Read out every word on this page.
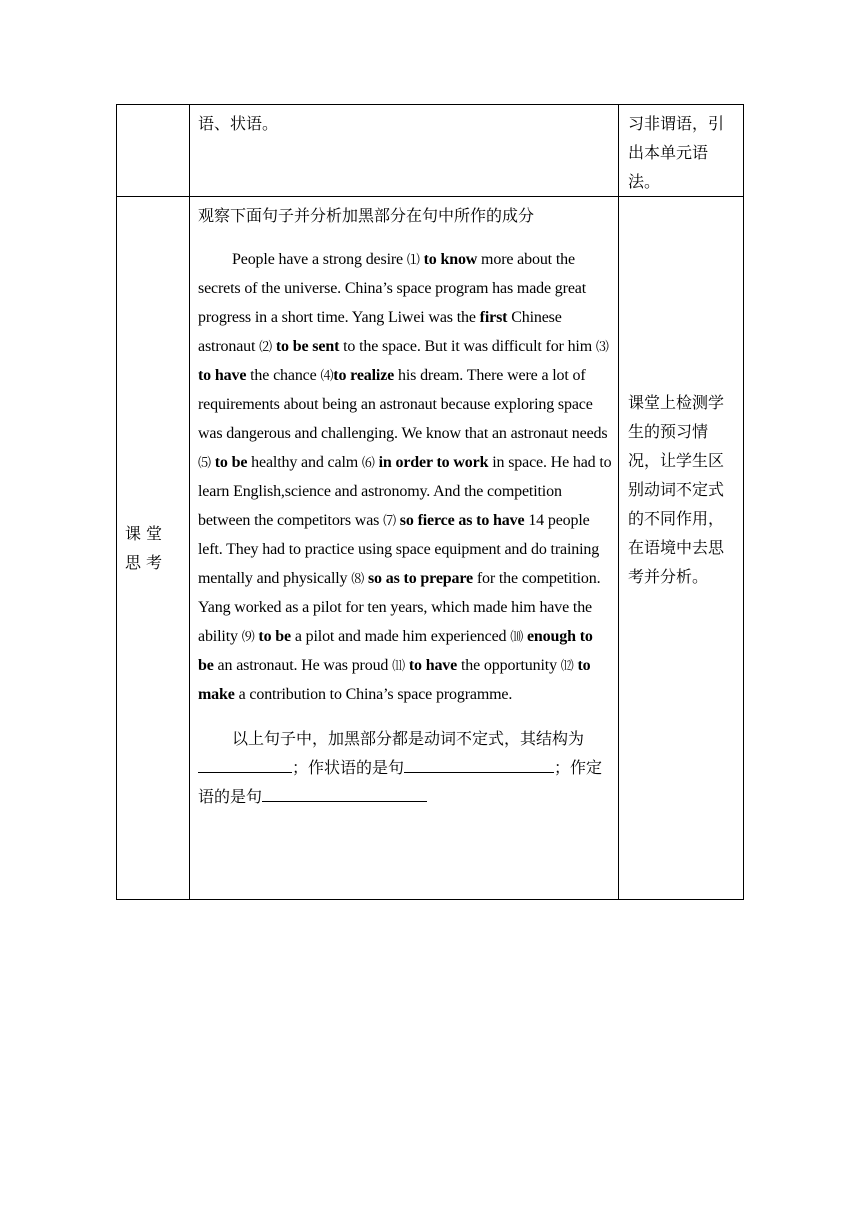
	语、状语。	习非谓语，引出本单元语法。

课堂思考	观察下面句子并分析加黑部分在句中所作的成分

People have a strong desire ⑴ to know more about the secrets of the universe. China’s space program has made great progress in a short time. Yang Liwei was the first Chinese astronaut ⑵ to be sent to the space. But it was difficult for him ⑶ to have the chance ⑷to realize his dream. There were a lot of requirements about being an astronaut because exploring space was dangerous and challenging. We know that an astronaut needs ⑸ to be healthy and calm ⑹ in order to work in space. He had to learn English,science and astronomy. And the competition between the competitors was ⑺ so fierce as to have 14 people left. They had to practice using space equipment and do training mentally and physically ⑻ so as to prepare for the competition. Yang worked as a pilot for ten years, which made him have the ability ⑼ to be a pilot and made him experienced ⑽ enough to be an astronaut. He was proud ⑾ to have the opportunity ⑿ to make a contribution to China’s space programme.

以上句子中，加黑部分都是动词不定式，其结构为；作状语的是句 ；作定语的是句	课堂上检测学生的预习情况，让学生区别动词不定式的不同作用，在语境中去思考并分析。
